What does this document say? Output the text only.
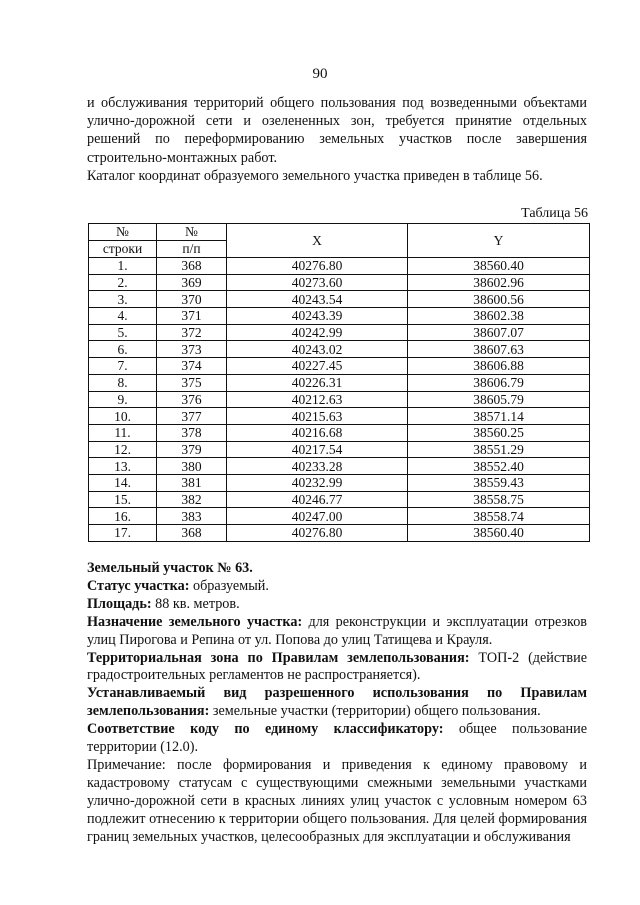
90

и обслуживания территорий общего пользования под возведенными объектами улично-дорожной сети и озелененных зон, требуется принятие отдельных решений по переформированию земельных участков после завершения строительно-монтажных работ.

Каталог координат образуемого земельного участка приведен в таблице 56.

Таблица 56
№	№	X	Y
строки	п/п		
1.	368	40276.80	38560.40
2.	369	40273.60	38602.96
3.	370	40243.54	38600.56
4.	371	40243.39	38602.38
5.	372	40242.99	38607.07
6.	373	40243.02	38607.63
7.	374	40227.45	38606.88
8.	375	40226.31	38606.79
9.	376	40212.63	38605.79
10.	377	40215.63	38571.14
11.	378	40216.68	38560.25
12.	379	40217.54	38551.29
13.	380	40233.28	38552.40
14.	381	40232.99	38559.43
15.	382	40246.77	38558.75
16.	383	40247.00	38558.74
17.	368	40276.80	38560.40

Земельный участок № 63.

Статус участка: образуемый.

Площадь: 88 кв. метров.

Назначение земельного участка: для реконструкции и эксплуатации отрезков улиц Пирогова и Репина от ул. Попова до улиц Татищева и Крауля.

Территориальная зона по Правилам землепользования: ТОП-2 (действие градостроительных регламентов не распространяется).

Устанавливаемый вид разрешенного использования по Правилам землепользования: земельные участки (территории) общего пользования.

Соответствие коду по единому классификатору: общее пользование территории (12.0).

Примечание: после формирования и приведения к единому правовому и кадастровому статусам с существующими смежными земельными участками улично-дорожной сети в красных линиях улиц участок с условным номером 63 подлежит отнесению к территории общего пользования. Для целей формирования границ земельных участков, целесообразных для эксплуатации и обслуживания
